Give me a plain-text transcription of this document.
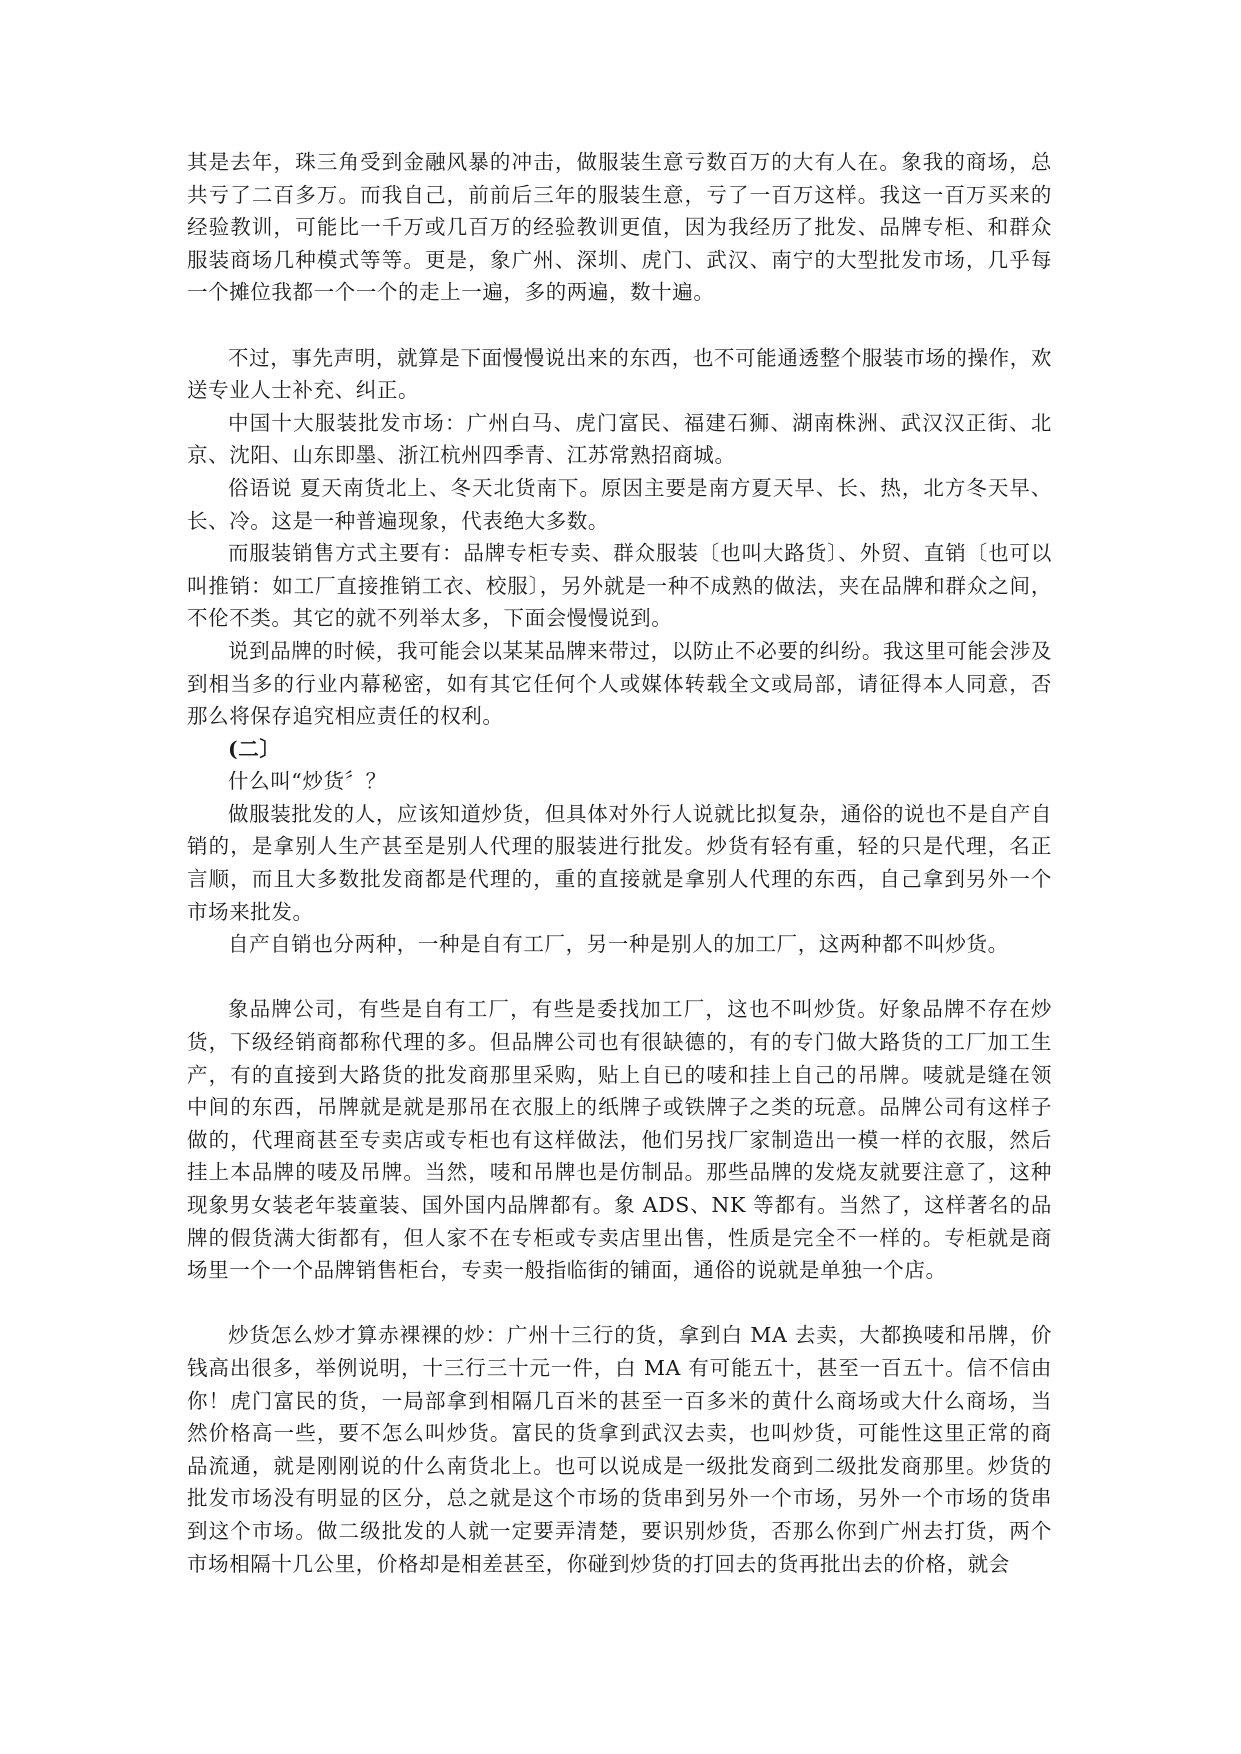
其是去年，珠三角受到金融风暴的冲击，做服装生意亏数百万的大有人在。象我的商场，总共亏了二百多万。而我自己，前前后三年的服装生意，亏了一百万这样。我这一百万买来的经验教训，可能比一千万或几百万的经验教训更值，因为我经历了批发、品牌专柜、和群众服装商场几种模式等等。更是，象广州、深圳、虎门、武汉、南宁的大型批发市场，几乎每一个摊位我都一个一个的走上一遍，多的两遍，数十遍。

不过，事先声明，就算是下面慢慢说出来的东西，也不可能通透整个服装市场的操作，欢送专业人士补充、纠正。

中国十大服装批发市场：广州白马、虎门富民、福建石狮、湖南株洲、武汉汉正街、北京、沈阳、山东即墨、浙江杭州四季青、江苏常熟招商城。

俗语说 夏天南货北上、冬天北货南下。原因主要是南方夏天早、长、热，北方冬天早、长、冷。这是一种普遍现象，代表绝大多数。

而服装销售方式主要有：品牌专柜专卖、群众服装〔也叫大路货〕、外贸、直销〔也可以叫推销：如工厂直接推销工衣、校服〕，另外就是一种不成熟的做法，夹在品牌和群众之间，不伦不类。其它的就不列举太多，下面会慢慢说到。

说到品牌的时候，我可能会以某某品牌来带过，以防止不必要的纠纷。我这里可能会涉及到相当多的行业内幕秘密，如有其它任何个人或媒体转载全文或局部，请征得本人同意，否那么将保存追究相应责任的权利。

(二〕

什么叫“炒货〞？

做服装批发的人，应该知道炒货，但具体对外行人说就比拟复杂，通俗的说也不是自产自销的，是拿别人生产甚至是别人代理的服装进行批发。炒货有轻有重，轻的只是代理，名正言顺，而且大多数批发商都是代理的，重的直接就是拿别人代理的东西，自己拿到另外一个市场来批发。

自产自销也分两种，一种是自有工厂，另一种是别人的加工厂，这两种都不叫炒货。

象品牌公司，有些是自有工厂，有些是委找加工厂，这也不叫炒货。好象品牌不存在炒货，下级经销商都称代理的多。但品牌公司也有很缺德的，有的专门做大路货的工厂加工生产，有的直接到大路货的批发商那里采购，贴上自已的唛和挂上自己的吊牌。唛就是缝在领中间的东西，吊牌就是就是那吊在衣服上的纸牌子或铁牌子之类的玩意。品牌公司有这样子做的，代理商甚至专卖店或专柜也有这样做法，他们另找厂家制造出一模一样的衣服，然后挂上本品牌的唛及吊牌。当然，唛和吊牌也是仿制品。那些品牌的发烧友就要注意了，这种现象男女装老年装童装、国外国内品牌都有。象 ADS、NK 等都有。当然了，这样著名的品牌的假货满大街都有，但人家不在专柜或专卖店里出售，性质是完全不一样的。专柜就是商场里一个一个品牌销售柜台，专卖一般指临街的铺面，通俗的说就是单独一个店。

炒货怎么炒才算赤裸裸的炒：广州十三行的货，拿到白 MA 去卖，大都换唛和吊牌，价钱高出很多，举例说明，十三行三十元一件，白 MA 有可能五十，甚至一百五十。信不信由你！虎门富民的货，一局部拿到相隔几百米的甚至一百多米的黄什么商场或大什么商场，当然价格高一些，要不怎么叫炒货。富民的货拿到武汉去卖，也叫炒货，可能性这里正常的商品流通，就是刚刚说的什么南货北上。也可以说成是一级批发商到二级批发商那里。炒货的批发市场没有明显的区分，总之就是这个市场的货串到另外一个市场，另外一个市场的货串到这个市场。做二级批发的人就一定要弄清楚，要识别炒货，否那么你到广州去打货，两个市场相隔十几公里，价格却是相差甚至，你碰到炒货的打回去的货再批出去的价格，就会
